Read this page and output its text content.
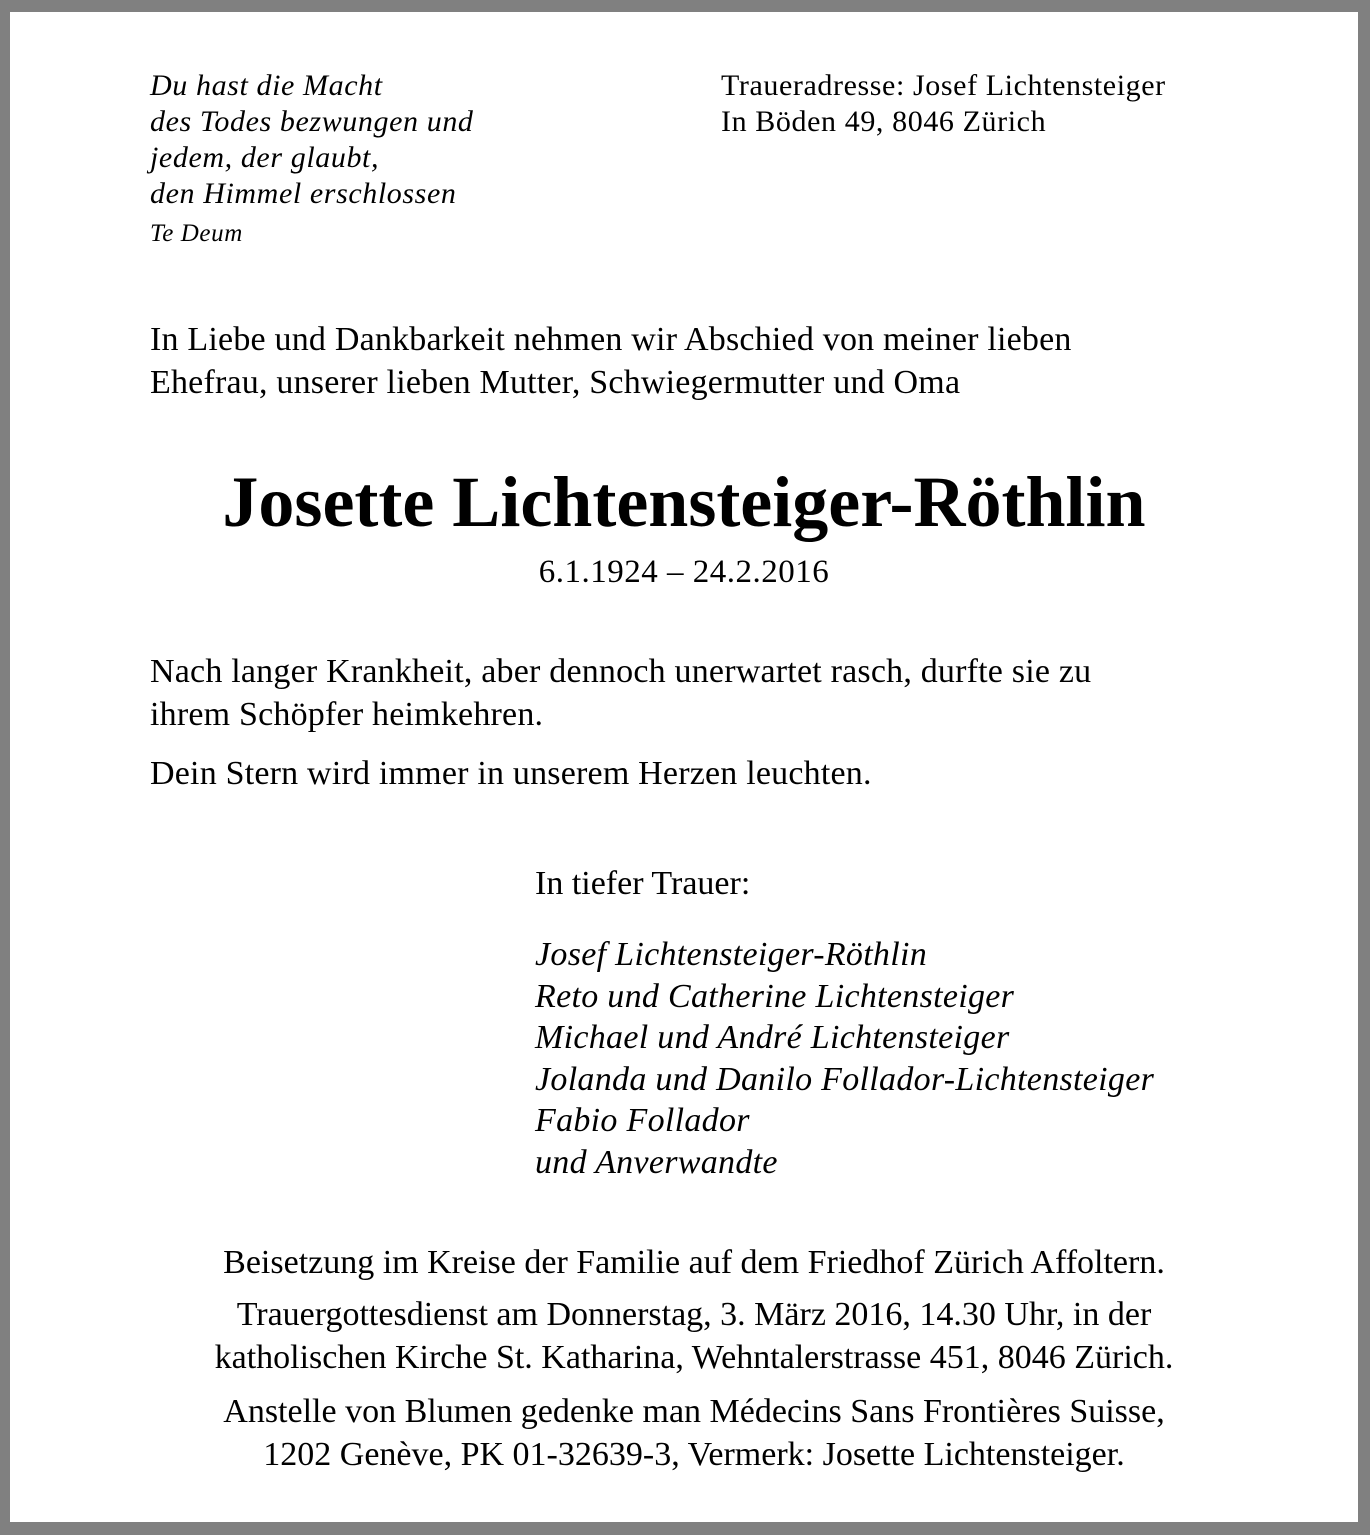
Du hast die Macht
des Todes bezwungen und
jedem, der glaubt,
den Himmel erschlossen
Te Deum
Traueradresse: Josef Lichtensteiger
In Böden 49, 8046 Zürich
In Liebe und Dankbarkeit nehmen wir Abschied von meiner lieben
Ehefrau, unserer lieben Mutter, Schwiegermutter und Oma
Josette Lichtensteiger-Röthlin
6.1.1924 – 24.2.2016
Nach langer Krankheit, aber dennoch unerwartet rasch, durfte sie zu
ihrem Schöpfer heimkehren.
Dein Stern wird immer in unserem Herzen leuchten.
In tiefer Trauer:
Josef Lichtensteiger-Röthlin
Reto und Catherine Lichtensteiger
Michael und André Lichtensteiger
Jolanda und Danilo Follador-Lichtensteiger
Fabio Follador
und Anverwandte
Beisetzung im Kreise der Familie auf dem Friedhof Zürich Affoltern.
Trauergottesdienst am Donnerstag, 3. März 2016, 14.30 Uhr, in der
katholischen Kirche St. Katharina, Wehntalerstrasse 451, 8046 Zürich.
Anstelle von Blumen gedenke man Médecins Sans Frontières Suisse,
1202 Genève, PK 01-32639-3, Vermerk: Josette Lichtensteiger.
